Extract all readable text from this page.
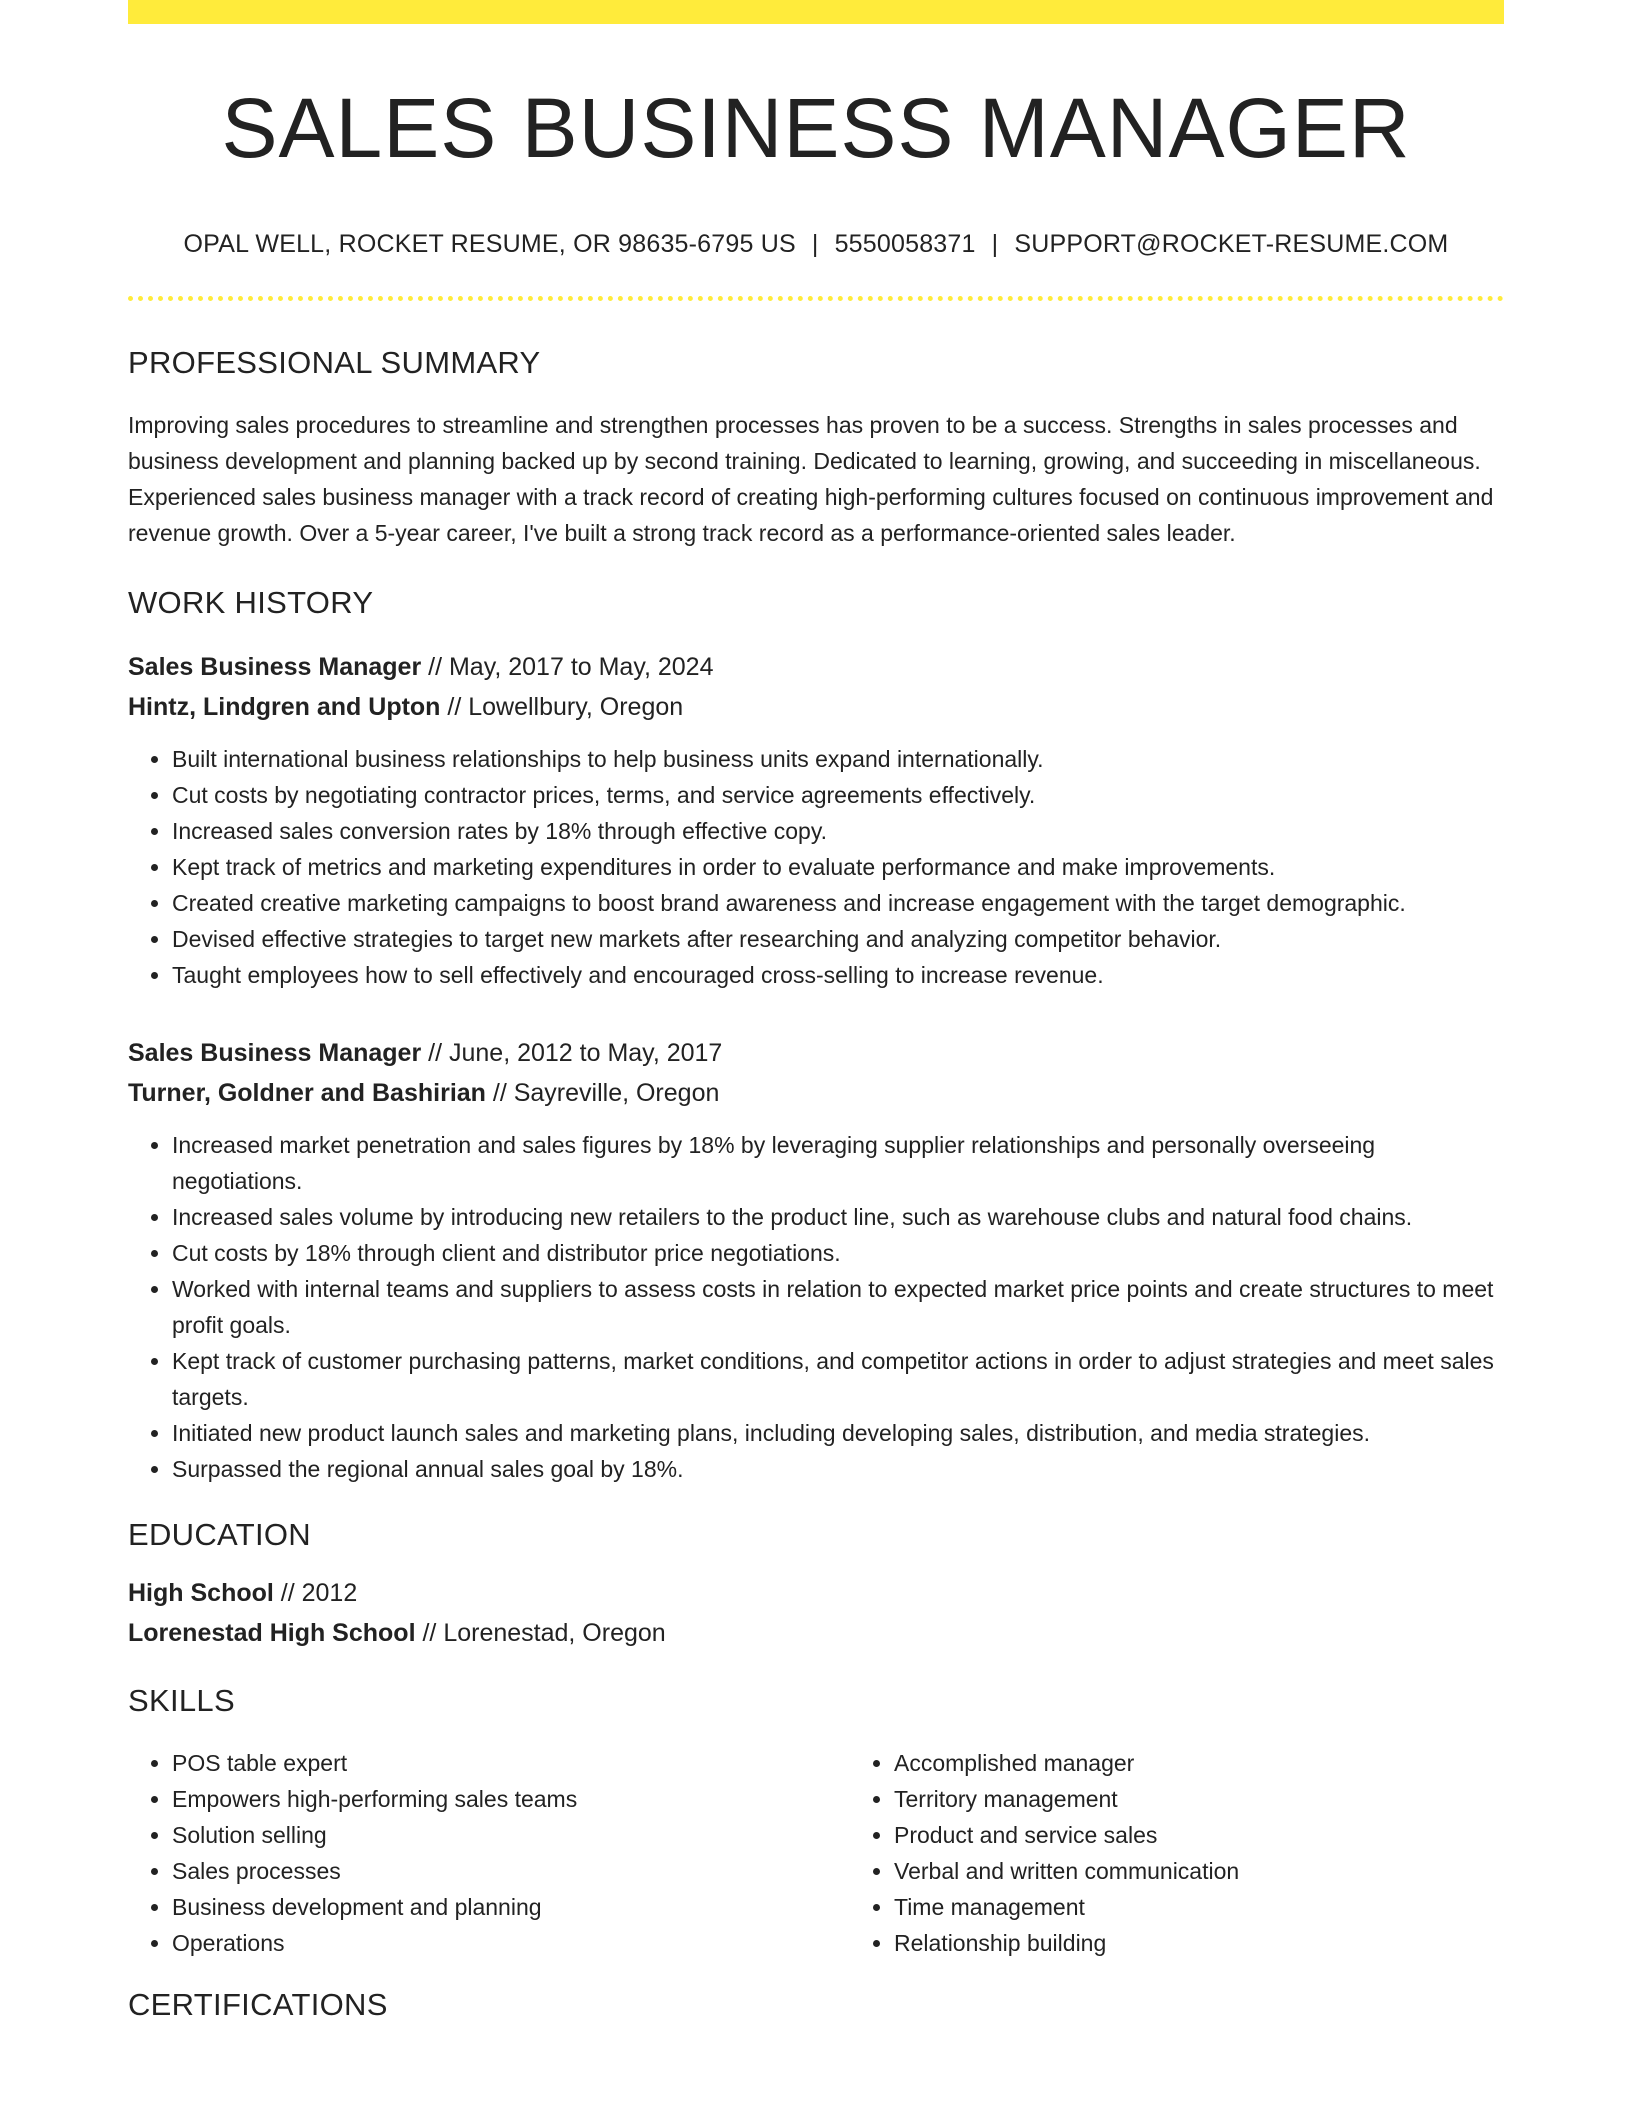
SALES BUSINESS MANAGER
OPAL WELL, ROCKET RESUME, OR 98635-6795 US | 5550058371 | SUPPORT@ROCKET-RESUME.COM
PROFESSIONAL SUMMARY
Improving sales procedures to streamline and strengthen processes has proven to be a success. Strengths in sales processes and business development and planning backed up by second training. Dedicated to learning, growing, and succeeding in miscellaneous. Experienced sales business manager with a track record of creating high-performing cultures focused on continuous improvement and revenue growth. Over a 5-year career, I've built a strong track record as a performance-oriented sales leader.
WORK HISTORY
Sales Business Manager // May, 2017 to May, 2024
Hintz, Lindgren and Upton // Lowellbury, Oregon
• Built international business relationships to help business units expand internationally.
• Cut costs by negotiating contractor prices, terms, and service agreements effectively.
• Increased sales conversion rates by 18% through effective copy.
• Kept track of metrics and marketing expenditures in order to evaluate performance and make improvements.
• Created creative marketing campaigns to boost brand awareness and increase engagement with the target demographic.
• Devised effective strategies to target new markets after researching and analyzing competitor behavior.
• Taught employees how to sell effectively and encouraged cross-selling to increase revenue.
Sales Business Manager // June, 2012 to May, 2017
Turner, Goldner and Bashirian // Sayreville, Oregon
• Increased market penetration and sales figures by 18% by leveraging supplier relationships and personally overseeing negotiations.
• Increased sales volume by introducing new retailers to the product line, such as warehouse clubs and natural food chains.
• Cut costs by 18% through client and distributor price negotiations.
• Worked with internal teams and suppliers to assess costs in relation to expected market price points and create structures to meet profit goals.
• Kept track of customer purchasing patterns, market conditions, and competitor actions in order to adjust strategies and meet sales targets.
• Initiated new product launch sales and marketing plans, including developing sales, distribution, and media strategies.
• Surpassed the regional annual sales goal by 18%.
EDUCATION
High School // 2012
Lorenestad High School // Lorenestad, Oregon
SKILLS
• POS table expert
• Empowers high-performing sales teams
• Solution selling
• Sales processes
• Business development and planning
• Operations
• Accomplished manager
• Territory management
• Product and service sales
• Verbal and written communication
• Time management
• Relationship building
CERTIFICATIONS
